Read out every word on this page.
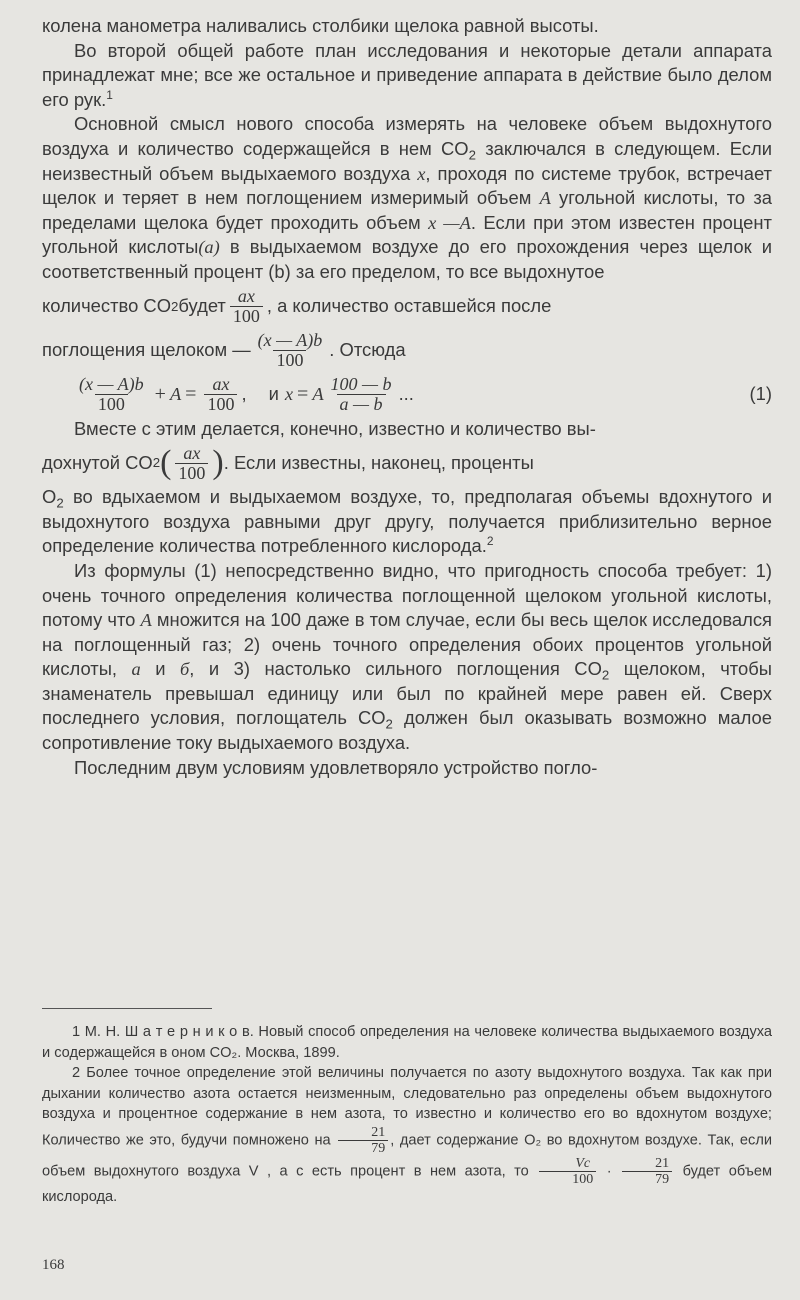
колена манометра наливались столбики щелока равной высоты.

Во второй общей работе план исследования и некоторые детали аппарата принадлежат мне; все же остальное и приведение аппарата в действие было делом его рук.$^1$

Основной смысл нового способа измерять на человеке объем выдохнутого воздуха и количество содержащейся в нем $CO_2$ заключался в следующем. Если неизвестный объем выдыхаемого воздуха x, проходя по системе трубок, встречает щелок и теряет в нем поглощением измеримый объем A угольной кислоты, то за пределами щелока будет проходить объем x —A. Если при этом известен процент угольной кислоты(a) в выдыхаемом воздухе до его прохождения через щелок и соответственный процент (b) за его пределом, то все выдохнутое

количество CO 2 будет $\frac{ax}{100}$ , а количество оставшейся после
поглощения щелоком — $\frac{(x — A)b}{100}$ . Отсюда
$\frac{(x — A)b}{100} + A = \frac{ax}{100}$ , и x = A $\frac{100 — b}{a — b}$ ...	(1)

Вместе с этим делается, конечно, известно и количество вы-

дохнутой CO 2 ( $\frac{ax}{100}$ ) . Если известны, наконец, проценты

$O_2$ во вдыхаемом и выдыхаемом воздухе, то, предполагая объемы вдохнутого и выдохнутого воздуха равными друг другу, получается приблизительно верное определение количества потребленного кислорода.$^2$

Из формулы (1) непосредственно видно, что пригодность способа требует: 1) очень точного определения количества поглощенной щелоком угольной кислоты, потому что A множится на 100 даже в том случае, если бы весь щелок исследовался на поглощенный газ; 2) очень точного определения обоих процентов угольной кислоты, a и б, и 3) настолько сильного поглощения $CO_2$ щелоком, чтобы знаменатель превышал единицу или был по крайней мере равен ей. Сверх последнего условия, поглощатель $CO_2$ должен был оказывать возможно малое сопротивление току выдыхаемого воздуха.

Последним двум условиям удовлетворяло устройство погло-

1 М. Н. Ш а т е р н и к о в. Новый способ определения на человеке количества выдыхаемого воздуха и содержащейся в оном CO₂. Москва, 1899.

2 Более точное определение этой величины получается по азоту выдохнутого воздуха. Так как при дыхании количество азота остается неизменным, следовательно раз определены объем выдохнутого воздуха и процентное содержание в нем азота, то известно и количество его во вдохнутом воздухе; Количество же это, будучи помножено на $\frac{21}{79}$ , дает содержание O₂ во вдохнутом воздухе. Так, если объем выдохнутого воздуха V , а c есть процент в нем азота, то $\frac{Vc}{100} \cdot \frac{21}{79}$ будет объем кислорода.

168
